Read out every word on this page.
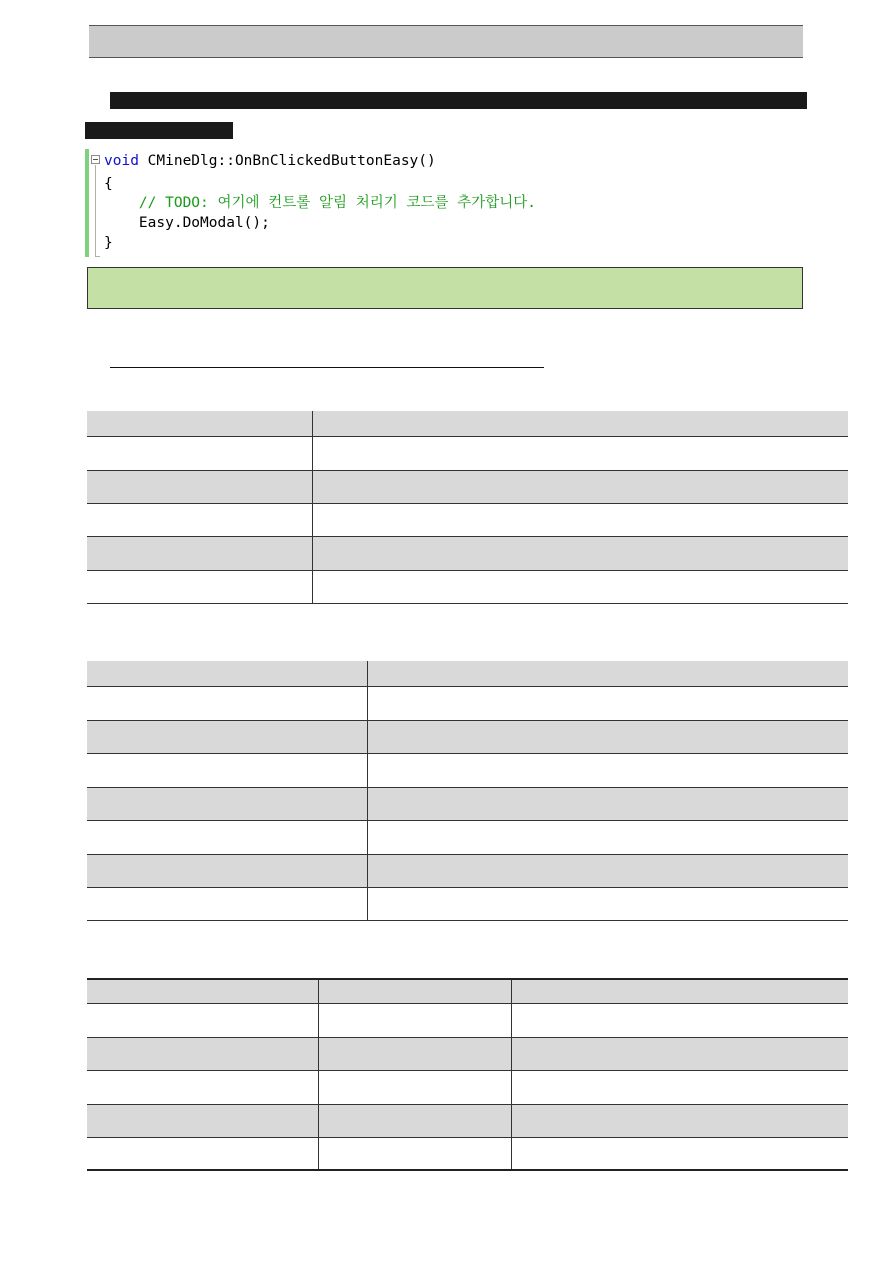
void CMineDlg::OnBnClickedButtonEasy()
{
// TODO: 여기에 컨트롤 알림 처리기 코드를 추가합니다.
Easy.DoModal();
}
